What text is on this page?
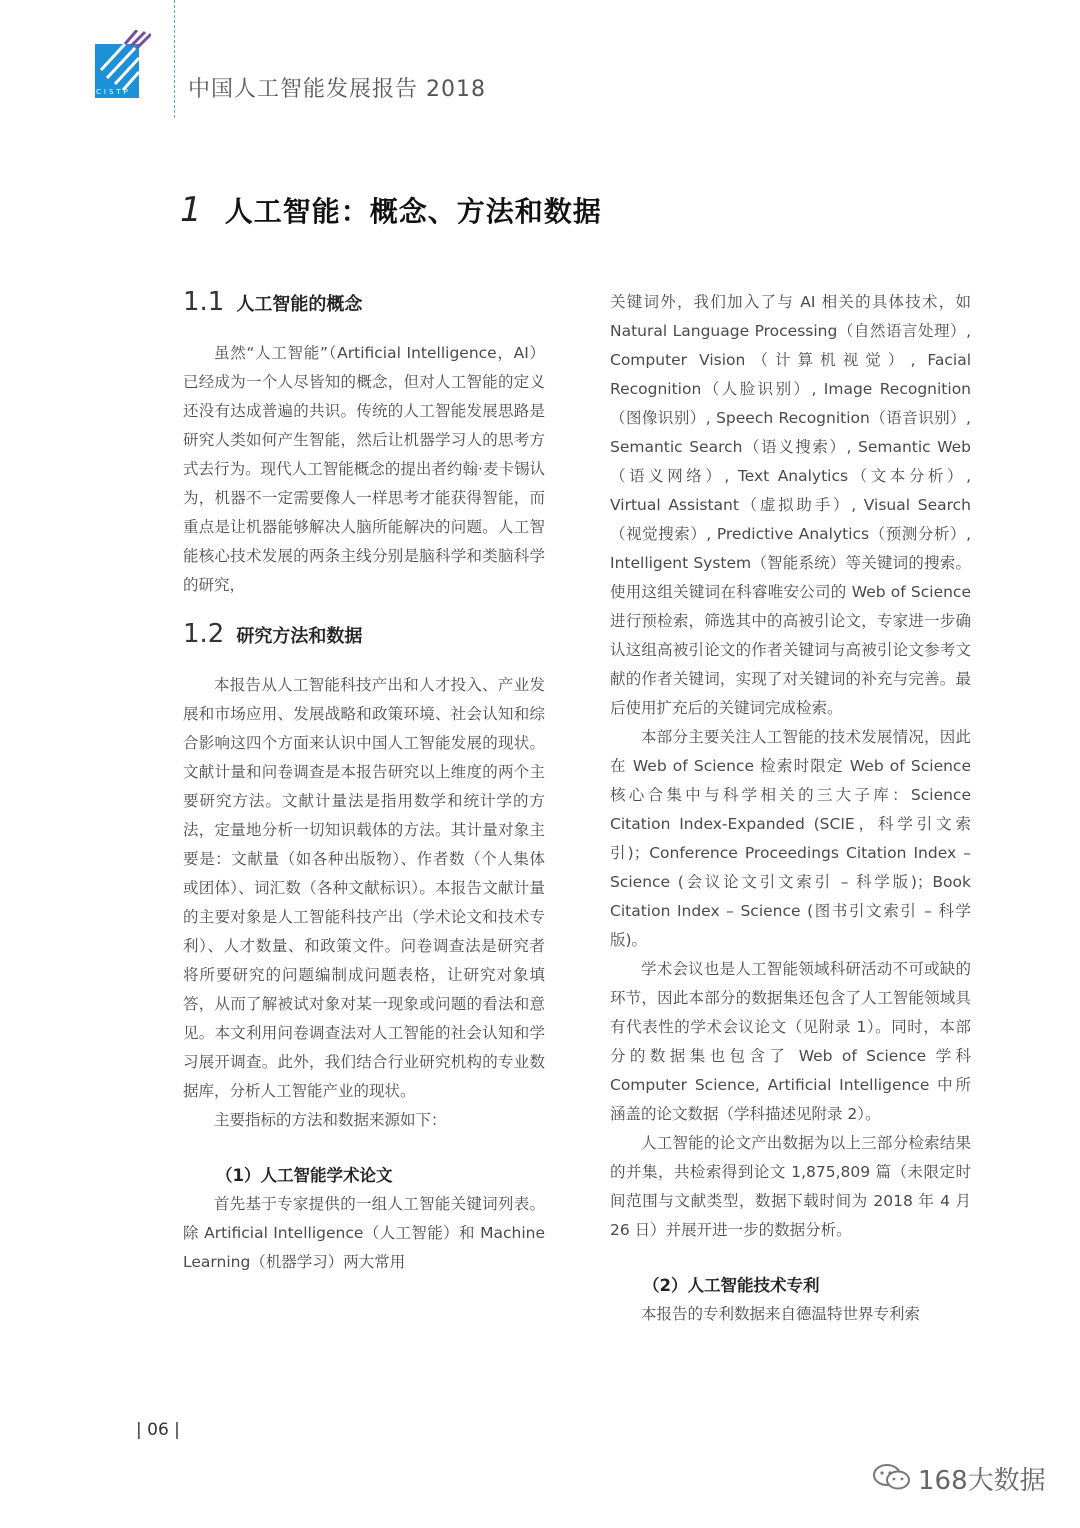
CISTP	中国人工智能发展报告 2018
1 人工智能：概念、方法和数据
1.1 人工智能的概念

虽然“人工智能”（Artificial Intelligence，AI）已经成为一个人尽皆知的概念，但对人工智能的定义还没有达成普遍的共识。传统的人工智能发展思路是研究人类如何产生智能，然后让机器学习人的思考方式去行为。现代人工智能概念的提出者约翰·麦卡锡认为，机器不一定需要像人一样思考才能获得智能，而重点是让机器能够解决人脑所能解决的问题。人工智能核心技术发展的两条主线分别是脑科学和类脑科学的研究，

1.2 研究方法和数据

本报告从人工智能科技产出和人才投入、产业发展和市场应用、发展战略和政策环境、社会认知和综合影响这四个方面来认识中国人工智能发展的现状。文献计量和问卷调查是本报告研究以上维度的两个主要研究方法。文献计量法是指用数学和统计学的方法，定量地分析一切知识载体的方法。其计量对象主要是：文献量（如各种出版物）、作者数（个人集体或团体）、词汇数（各种文献标识）。本报告文献计量的主要对象是人工智能科技产出（学术论文和技术专利）、人才数量、和政策文件。问卷调查法是研究者将所要研究的问题编制成问题表格，让研究对象填答，从而了解被试对象对某一现象或问题的看法和意见。本文利用问卷调查法对人工智能的社会认知和学习展开调查。此外，我们结合行业研究机构的专业数据库，分析人工智能产业的现状。

主要指标的方法和数据来源如下：

（1）人工智能学术论文

首先基于专家提供的一组人工智能关键词列表。除 Artificial Intelligence（人工智能）和 Machine Learning（机器学习）两大常用

关键词外，我们加入了与 AI 相关的具体技术，如 Natural Language Processing（自然语言处理）, Computer Vision（计算机视觉）, Facial Recognition（人脸识别）, Image Recognition（图像识别）, Speech Recognition（语音识别）, Semantic Search（语义搜索）, Semantic Web（语义网络）, Text Analytics（文本分析）, Virtual Assistant（虚拟助手）, Visual Search（视觉搜索）, Predictive Analytics（预测分析）, Intelligent System（智能系统）等关键词的搜索。使用这组关键词在科睿唯安公司的 Web of Science 进行预检索，筛选其中的高被引论文，专家进一步确认这组高被引论文的作者关键词与高被引论文参考文献的作者关键词，实现了对关键词的补充与完善。最后使用扩充后的关键词完成检索。

本部分主要关注人工智能的技术发展情况，因此在 Web of Science 检索时限定 Web of Science 核心合集中与科学相关的三大子库：Science Citation Index-Expanded (SCIE，科学引文索引)；Conference Proceedings Citation Index – Science (会议论文引文索引 – 科学版)；Book Citation Index – Science (图书引文索引 – 科学版)。

学术会议也是人工智能领域科研活动不可或缺的环节，因此本部分的数据集还包含了人工智能领域具有代表性的学术会议论文（见附录 1）。同时，本部分的数据集也包含了 Web of Science 学科 Computer Science, Artificial Intelligence 中所涵盖的论文数据（学科描述见附录 2）。

人工智能的论文产出数据为以上三部分检索结果的并集，共检索得到论文 1,875,809 篇（未限定时间范围与文献类型，数据下载时间为 2018 年 4 月 26 日）并展开进一步的数据分析。

（2）人工智能技术专利

本报告的专利数据来自德温特世界专利索

| 06 |
168大数据
